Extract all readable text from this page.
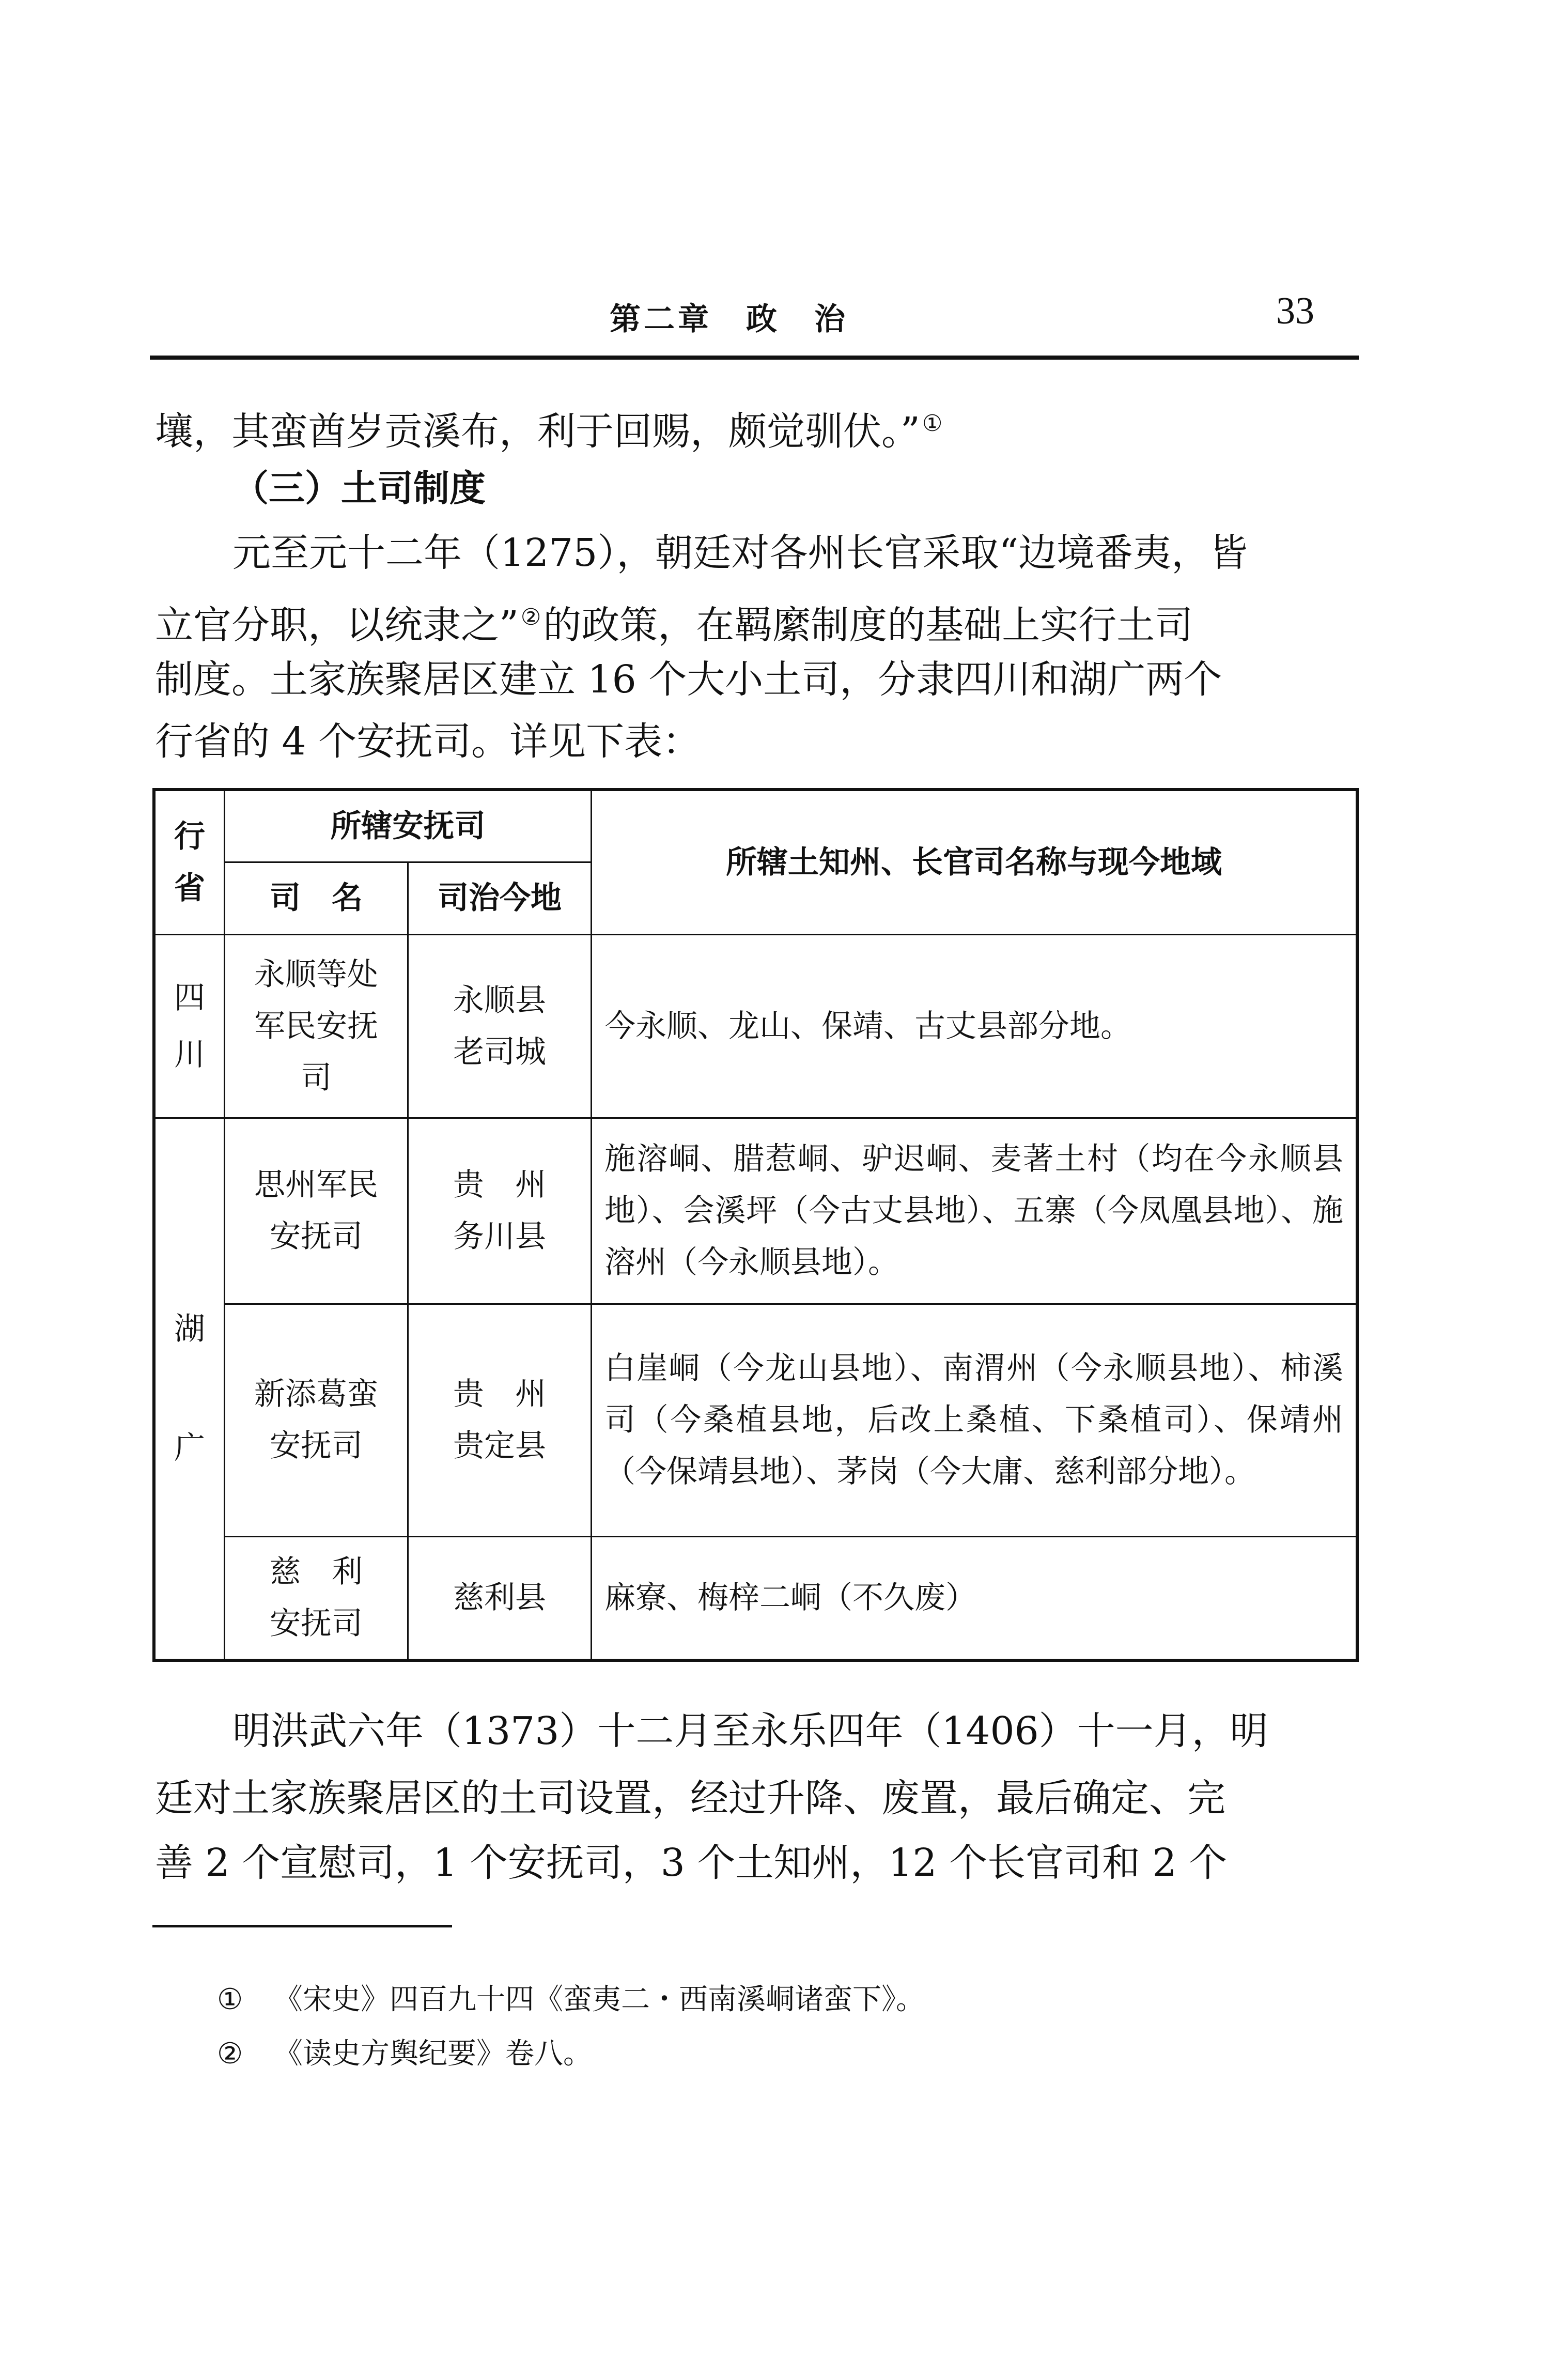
第二章　政　治	33
壤，其蛮酋岁贡溪布，利于回赐，颇觉驯伏。”①
（三）土司制度
元至元十二年（1275），朝廷对各州长官采取“边境番夷，皆
立官分职，以统隶之”②的政策，在羁縻制度的基础上实行土司
制度。土家族聚居区建立 16 个大小土司，分隶四川和湖广两个
行省的 4 个安抚司。详见下表：
行
省	所辖安抚司		所辖土知州、长官司名称与现今地域
	司　名	司治今地	

四
川	永顺等处
军民安抚
司	永顺县
老司城	今永顺、龙山、保靖、古丈县部分地。

湖
广	思州军民
安抚司	贵　州
务川县	施溶峒、腊惹峒、驴迟峒、麦著土村（均在今永顺县地）、会溪坪（今古丈县地）、五寨（今凤凰县地）、施溶州（今永顺县地）。

	新添葛蛮
安抚司	贵　州
贵定县	白崖峒（今龙山县地）、南渭州（今永顺县地）、柿溪司（今桑植县地，后改上桑植、下桑植司）、保靖州（今保靖县地）、茅岗（今大庸、慈利部分地）。

	慈　利
安抚司	慈利县	麻寮、梅梓二峒（不久废）
明洪武六年（1373）十二月至永乐四年（1406）十一月，明
廷对土家族聚居区的土司设置，经过升降、废置，最后确定、完
善 2 个宣慰司，1 个安抚司，3 个土知州，12 个长官司和 2 个
① 《宋史》四百九十四《蛮夷二・西南溪峒诸蛮下》。
② 《读史方舆纪要》卷八。
